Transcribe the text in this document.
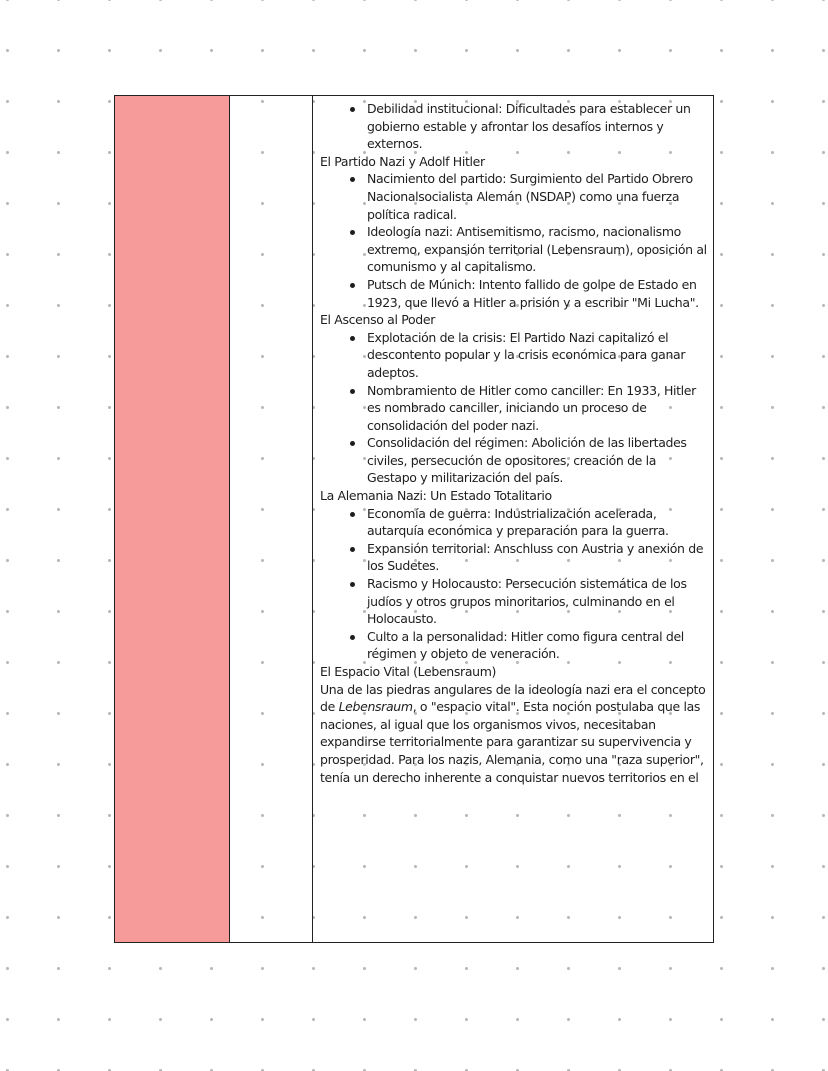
Debilidad institucional: Dificultades para establecer un gobierno estable y afrontar los desafíos internos y externos.
El Partido Nazi y Adolf Hitler
Nacimiento del partido: Surgimiento del Partido Obrero Nacionalsocialista Alemán (NSDAP) como una fuerza política radical.
Ideología nazi: Antisemitismo, racismo, nacionalismo extremo, expansión territorial (Lebensraum), oposición al comunismo y al capitalismo.
Putsch de Múnich: Intento fallido de golpe de Estado en 1923, que llevó a Hitler a prisión y a escribir "Mi Lucha".
El Ascenso al Poder
Explotación de la crisis: El Partido Nazi capitalizó el descontento popular y la crisis económica para ganar adeptos.
Nombramiento de Hitler como canciller: En 1933, Hitler es nombrado canciller, iniciando un proceso de consolidación del poder nazi.
Consolidación del régimen: Abolición de las libertades civiles, persecución de opositores, creación de la Gestapo y militarización del país.
La Alemania Nazi: Un Estado Totalitario
Economía de guerra: Industrialización acelerada, autarquía económica y preparación para la guerra.
Expansión territorial: Anschluss con Austria y anexión de los Sudetes.
Racismo y Holocausto: Persecución sistemática de los judíos y otros grupos minoritarios, culminando en el Holocausto.
Culto a la personalidad: Hitler como figura central del régimen y objeto de veneración.
El Espacio Vital (Lebensraum)

Una de las piedras angulares de la ideología nazi era el concepto de Lebensraum, o "espacio vital". Esta noción postulaba que las naciones, al igual que los organismos vivos, necesitaban expandirse territorialmente para garantizar su supervivencia y prosperidad. Para los nazis, Alemania, como una "raza superior", tenía un derecho inherente a conquistar nuevos territorios en el
